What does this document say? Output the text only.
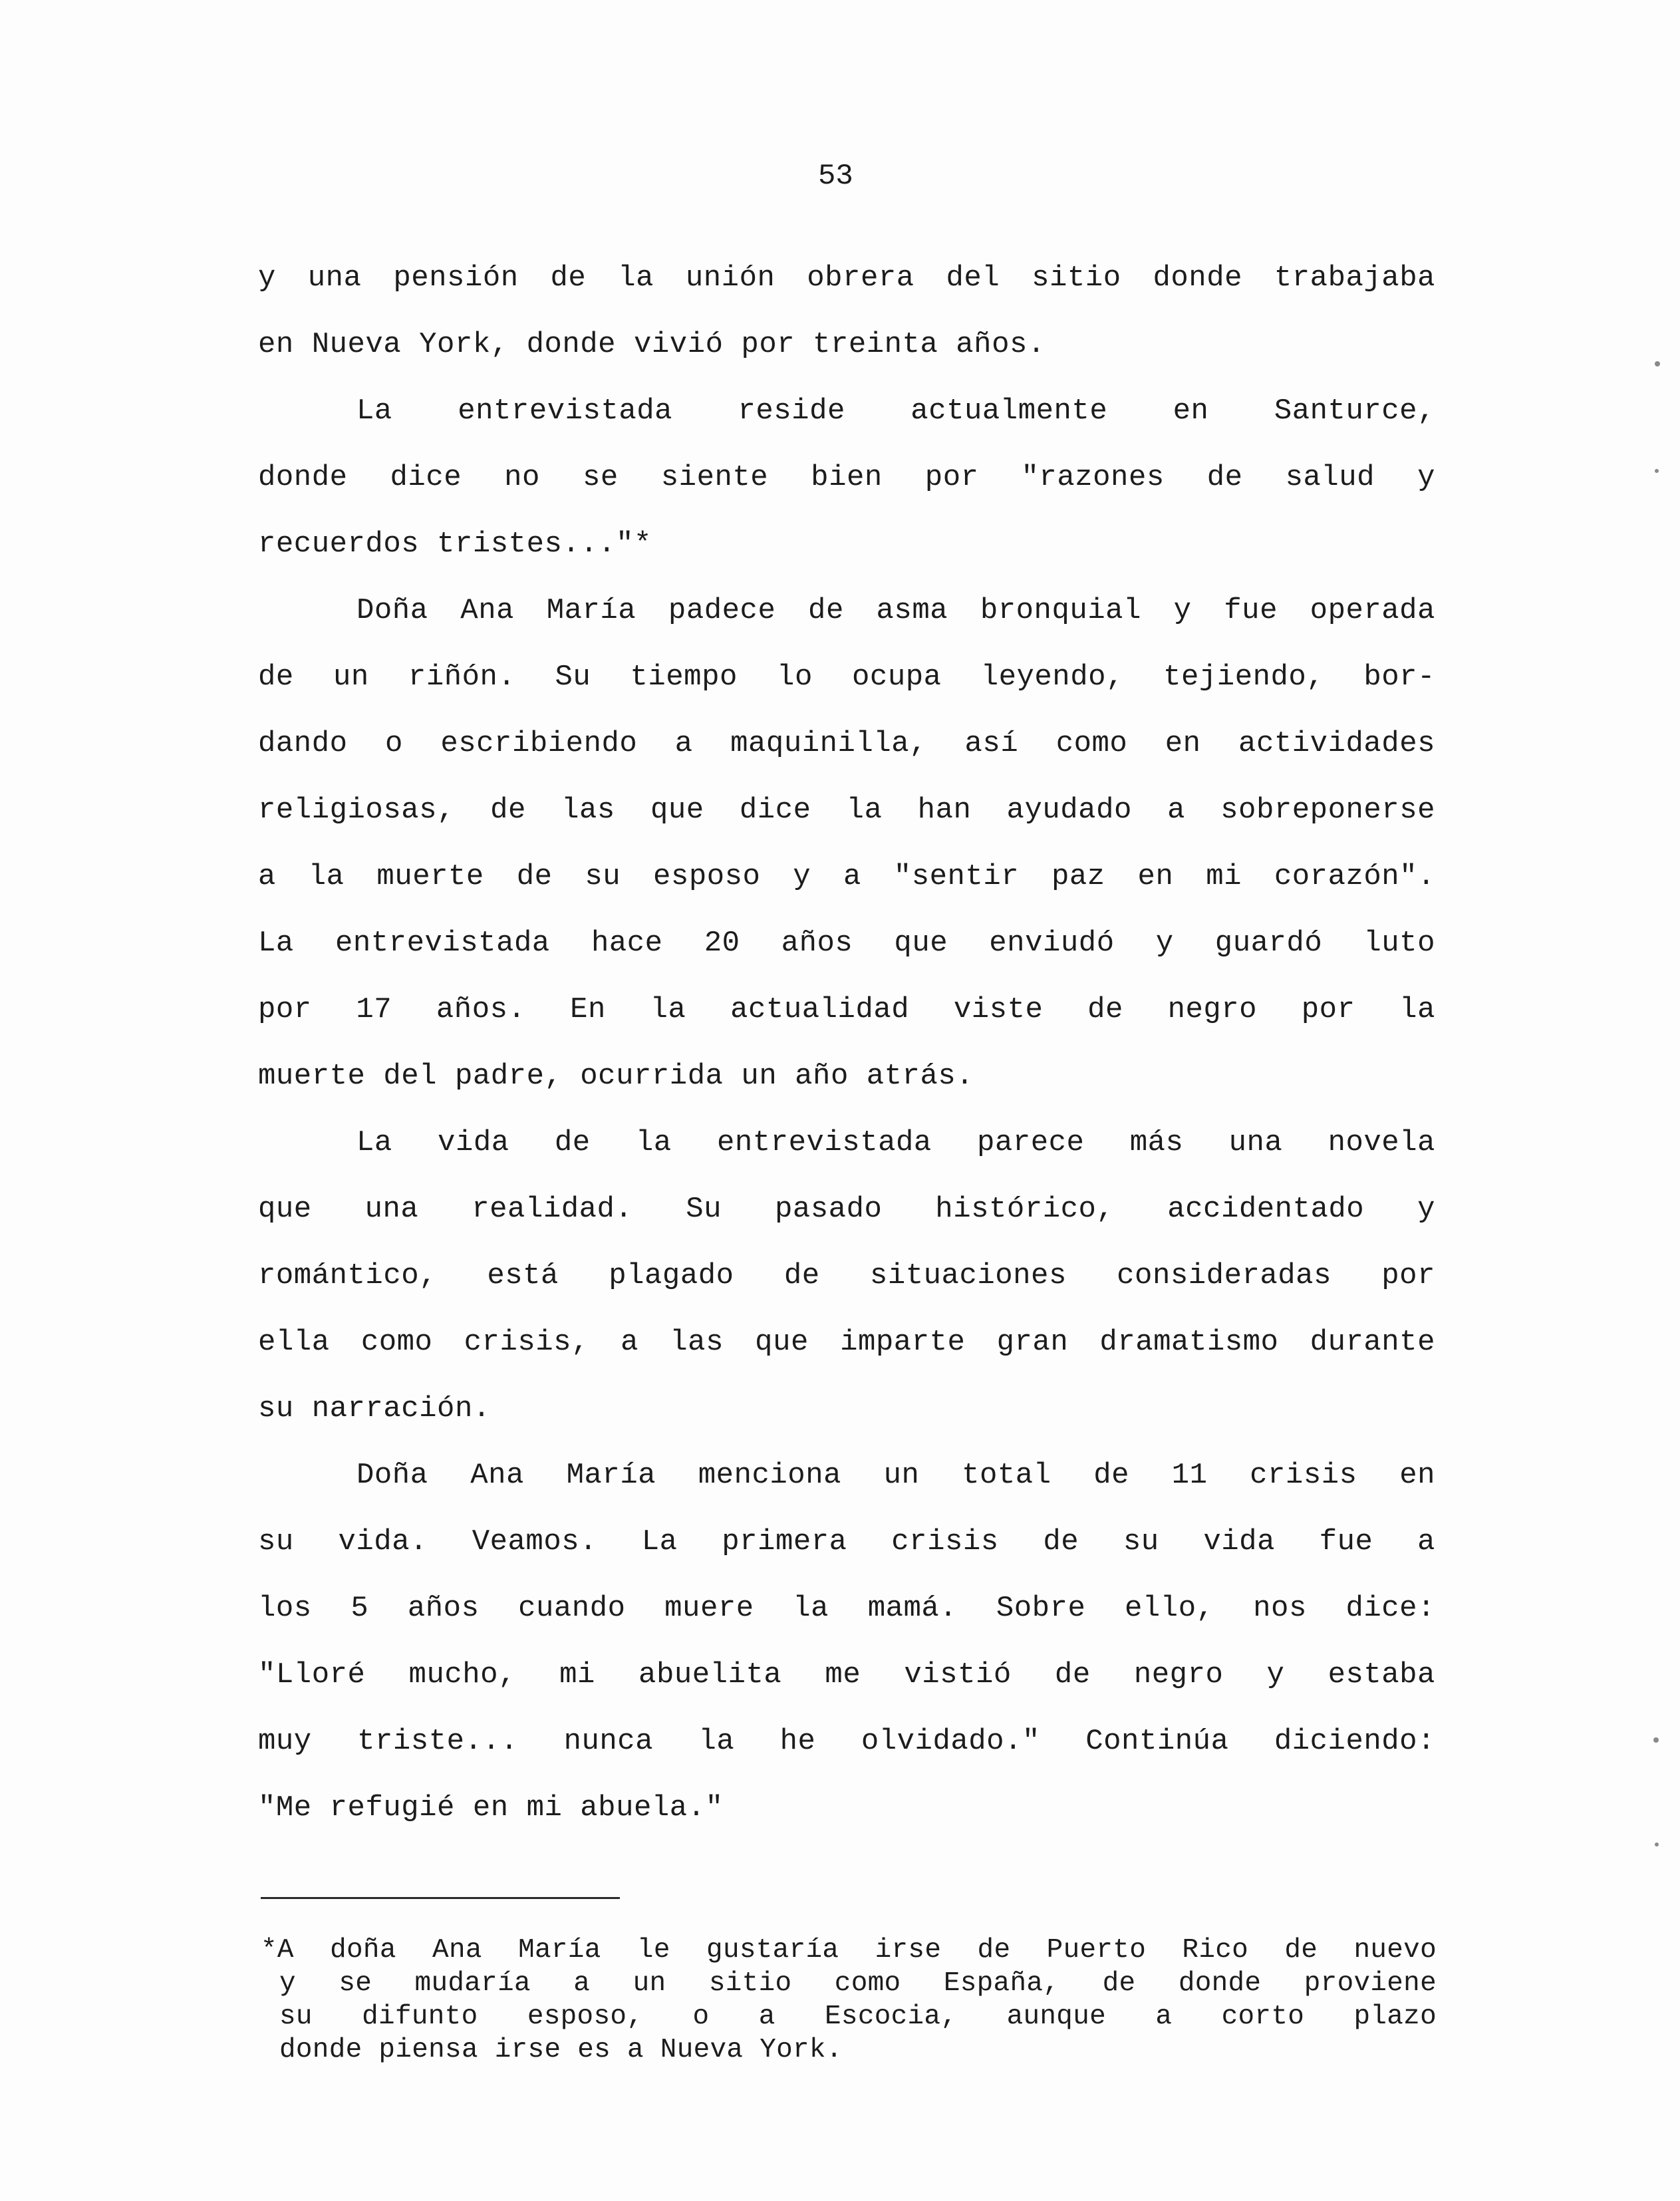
53
y una pensión de la unión obrera del sitio donde trabajaba
en Nueva York, donde vivió por treinta años.
La entrevistada reside actualmente en Santurce,
donde dice no se siente bien por "razones de salud y
recuerdos tristes..."*
Doña Ana María padece de asma bronquial y fue operada
de un riñón. Su tiempo lo ocupa leyendo, tejiendo, bor-
dando o escribiendo a maquinilla, así como en actividades
religiosas, de las que dice la han ayudado a sobreponerse
a la muerte de su esposo y a "sentir paz en mi corazón".
La entrevistada hace 20 años que enviudó y guardó luto
por 17 años. En la actualidad viste de negro por la
muerte del padre, ocurrida un año atrás.
La vida de la entrevistada parece más una novela
que una realidad. Su pasado histórico, accidentado y
romántico, está plagado de situaciones consideradas por
ella como crisis, a las que imparte gran dramatismo durante
su narración.
Doña Ana María menciona un total de 11 crisis en
su vida. Veamos. La primera crisis de su vida fue a
los 5 años cuando muere la mamá. Sobre ello, nos dice:
"Lloré mucho, mi abuelita me vistió de negro y estaba
muy triste... nunca la he olvidado." Continúa diciendo:
"Me refugié en mi abuela."
*A doña Ana María le gustaría irse de Puerto Rico de nuevo
y se mudaría a un sitio como España, de donde proviene
su difunto esposo, o a Escocia, aunque a corto plazo
donde piensa irse es a Nueva York.
